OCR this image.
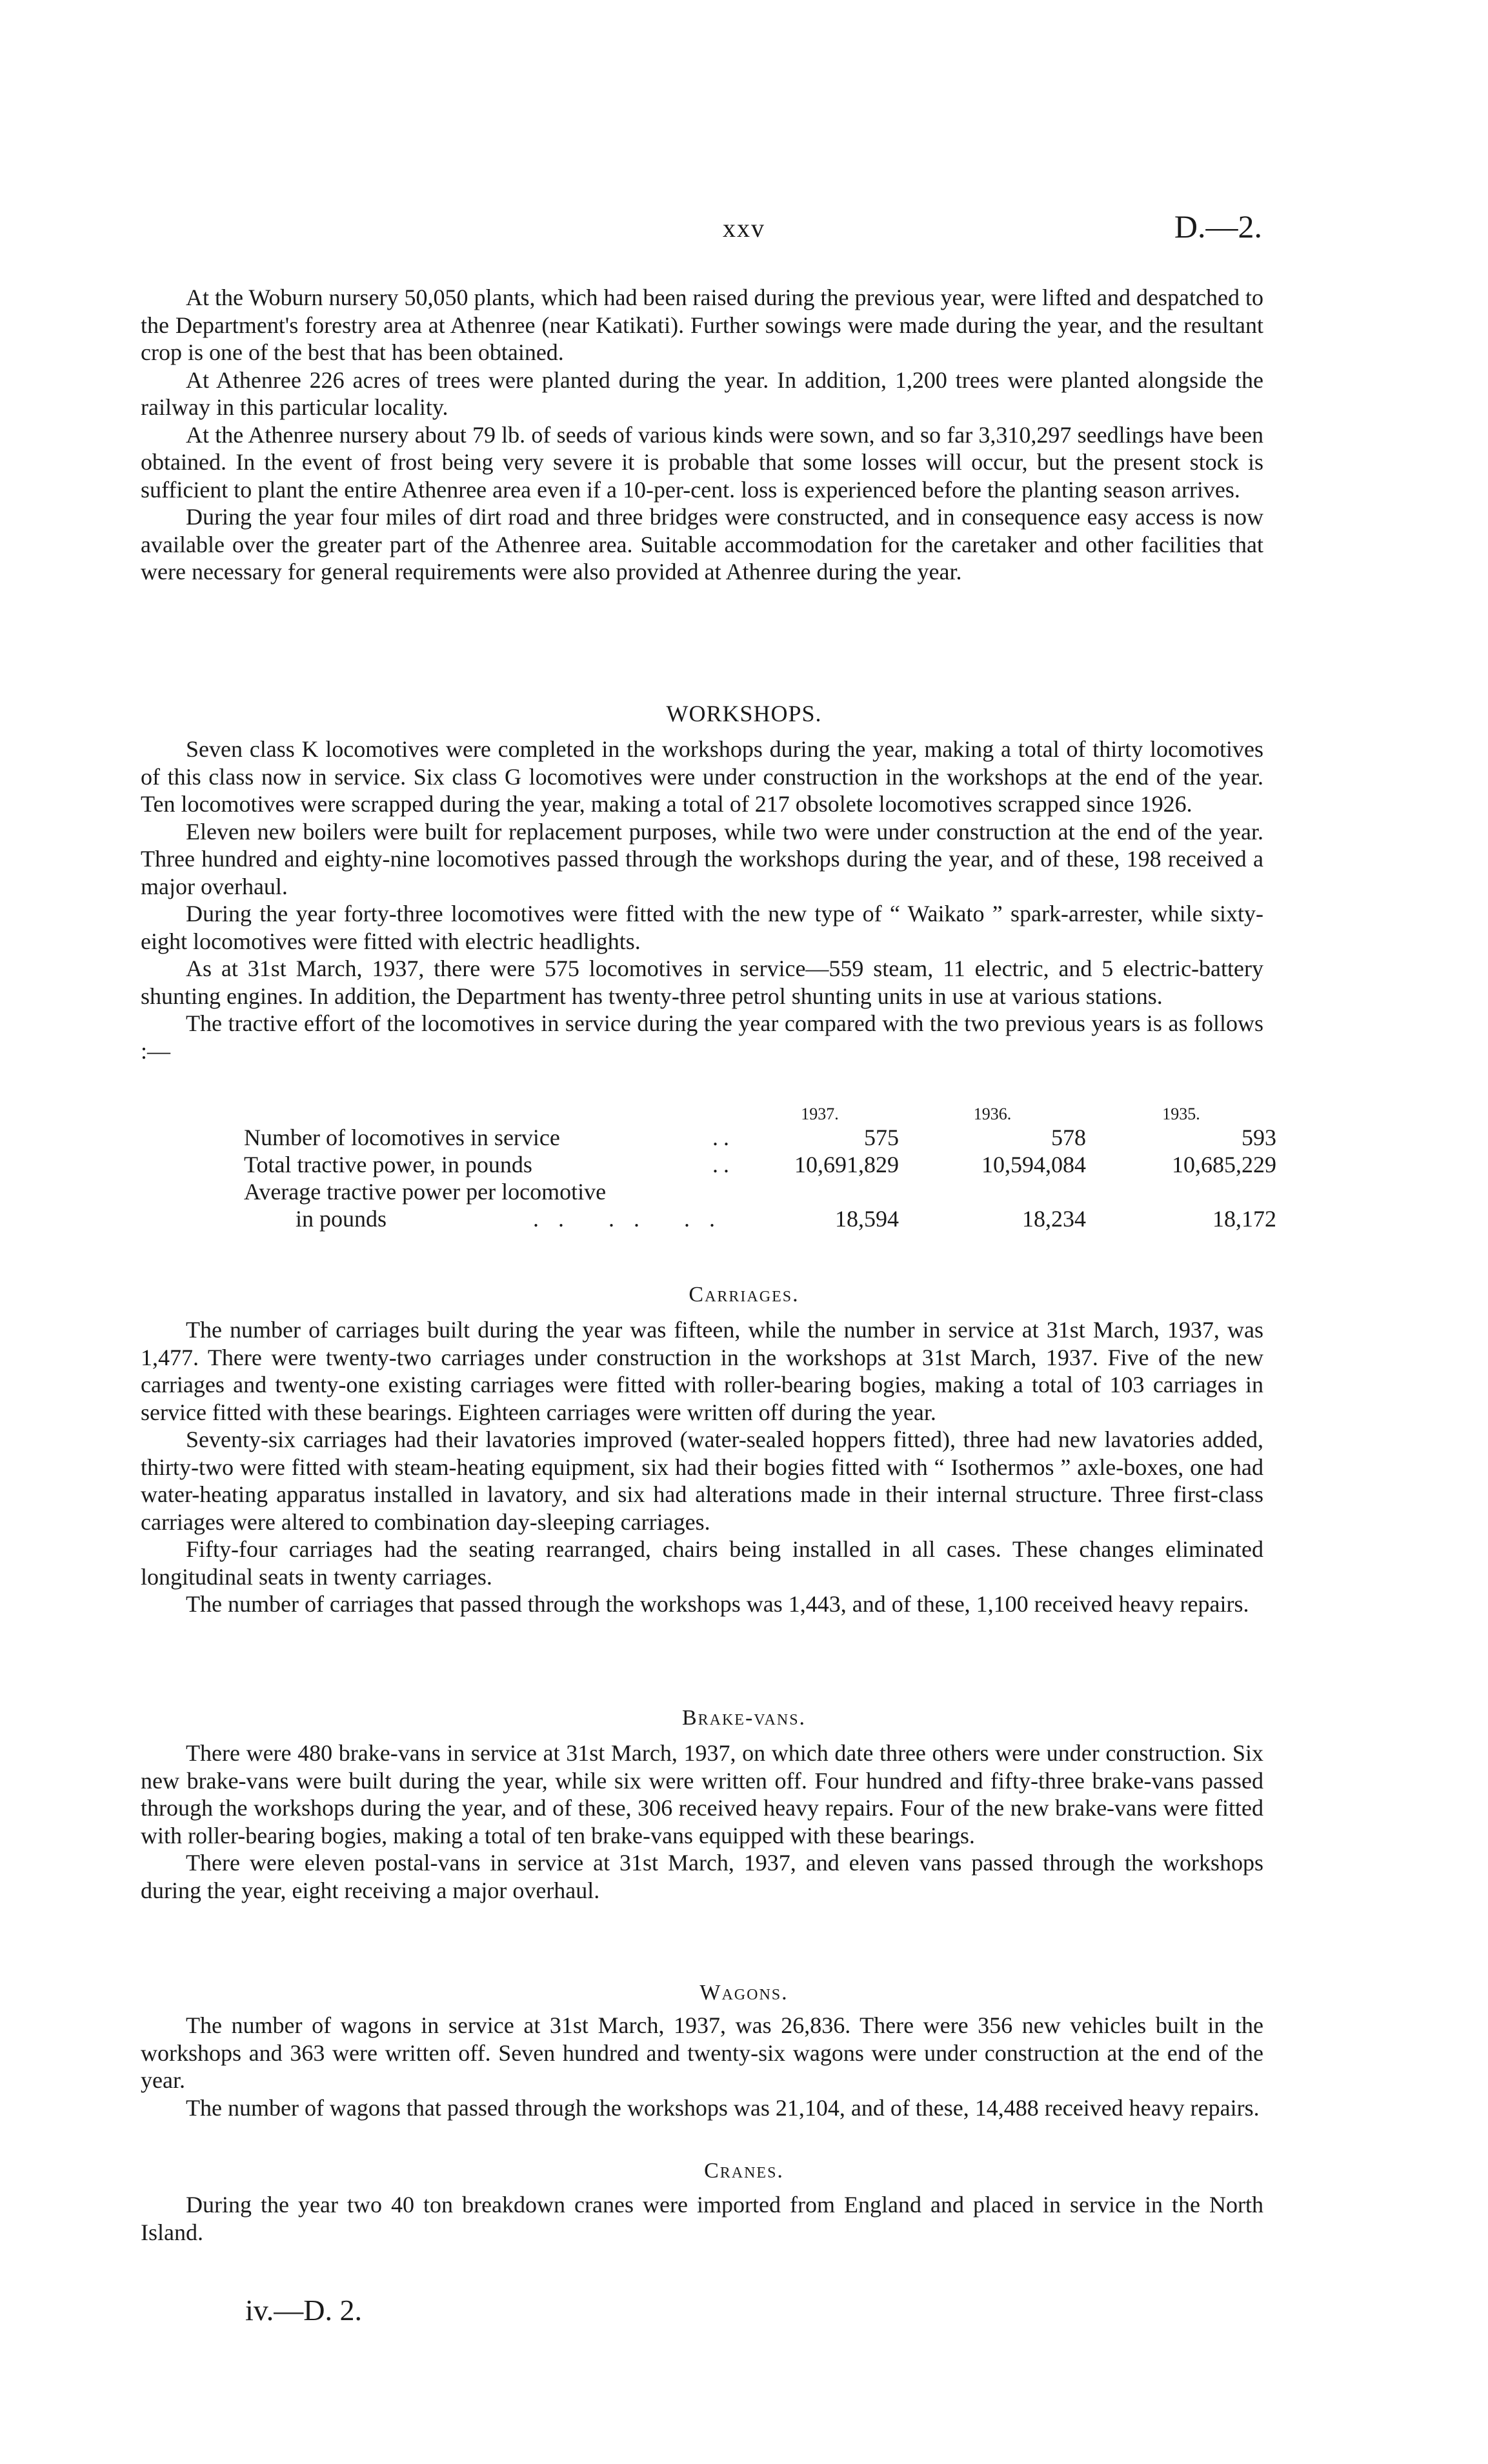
xxv	D.—2.

At the Woburn nursery 50,050 plants, which had been raised during the previous year, were lifted and despatched to the Department's forestry area at Athenree (near Katikati). Further sowings were made during the year, and the resultant crop is one of the best that has been obtained.

At Athenree 226 acres of trees were planted during the year. In addition, 1,200 trees were planted alongside the railway in this particular locality.

At the Athenree nursery about 79 lb. of seeds of various kinds were sown, and so far 3,310,297 seedlings have been obtained. In the event of frost being very severe it is probable that some losses will occur, but the present stock is sufficient to plant the entire Athenree area even if a 10-per-cent. loss is experienced before the planting season arrives.

During the year four miles of dirt road and three bridges were constructed, and in consequence easy access is now available over the greater part of the Athenree area. Suitable accommodation for the caretaker and other facilities that were necessary for general requirements were also provided at Athenree during the year.

WORKSHOPS.

Seven class K locomotives were completed in the workshops during the year, making a total of thirty locomotives of this class now in service. Six class G locomotives were under construction in the workshops at the end of the year. Ten locomotives were scrapped during the year, making a total of 217 obsolete locomotives scrapped since 1926.

Eleven new boilers were built for replacement purposes, while two were under construction at the end of the year. Three hundred and eighty-nine locomotives passed through the workshops during the year, and of these, 198 received a major overhaul.

During the year forty-three locomotives were fitted with the new type of “ Waikato ” spark-arrester, while sixty-eight locomotives were fitted with electric headlights.

As at 31st March, 1937, there were 575 locomotives in service—559 steam, 11 electric, and 5 electric-battery shunting engines. In addition, the Department has twenty-three petrol shunting units in use at various stations.

The tractive effort of the locomotives in service during the year compared with the two previous years is as follows :—

	1937.	1936.	1935.
Number of locomotives in service ..	575	578	593
Total tractive power, in pounds ..	10,691,829	10,594,084	10,685,229
Average tractive power per locomotive			
in pounds .. .. ..	18,594	18,234	18,172
Carriages.

The number of carriages built during the year was fifteen, while the number in service at 31st March, 1937, was 1,477. There were twenty-two carriages under construction in the workshops at 31st March, 1937. Five of the new carriages and twenty-one existing carriages were fitted with roller-bearing bogies, making a total of 103 carriages in service fitted with these bearings. Eighteen carriages were written off during the year.

Seventy-six carriages had their lavatories improved (water-sealed hoppers fitted), three had new lavatories added, thirty-two were fitted with steam-heating equipment, six had their bogies fitted with “ Isothermos ” axle-boxes, one had water-heating apparatus installed in lavatory, and six had alterations made in their internal structure. Three first-class carriages were altered to combination day-sleeping carriages.

Fifty-four carriages had the seating rearranged, chairs being installed in all cases. These changes eliminated longitudinal seats in twenty carriages.

The number of carriages that passed through the workshops was 1,443, and of these, 1,100 received heavy repairs.

Brake-vans.

There were 480 brake-vans in service at 31st March, 1937, on which date three others were under construction. Six new brake-vans were built during the year, while six were written off. Four hundred and fifty-three brake-vans passed through the workshops during the year, and of these, 306 received heavy repairs. Four of the new brake-vans were fitted with roller-bearing bogies, making a total of ten brake-vans equipped with these bearings.

There were eleven postal-vans in service at 31st March, 1937, and eleven vans passed through the workshops during the year, eight receiving a major overhaul.

Wagons.

The number of wagons in service at 31st March, 1937, was 26,836. There were 356 new vehicles built in the workshops and 363 were written off. Seven hundred and twenty-six wagons were under construction at the end of the year.

The number of wagons that passed through the workshops was 21,104, and of these, 14,488 received heavy repairs.

Cranes.

During the year two 40 ton breakdown cranes were imported from England and placed in service in the North Island.

iv.—D. 2.
